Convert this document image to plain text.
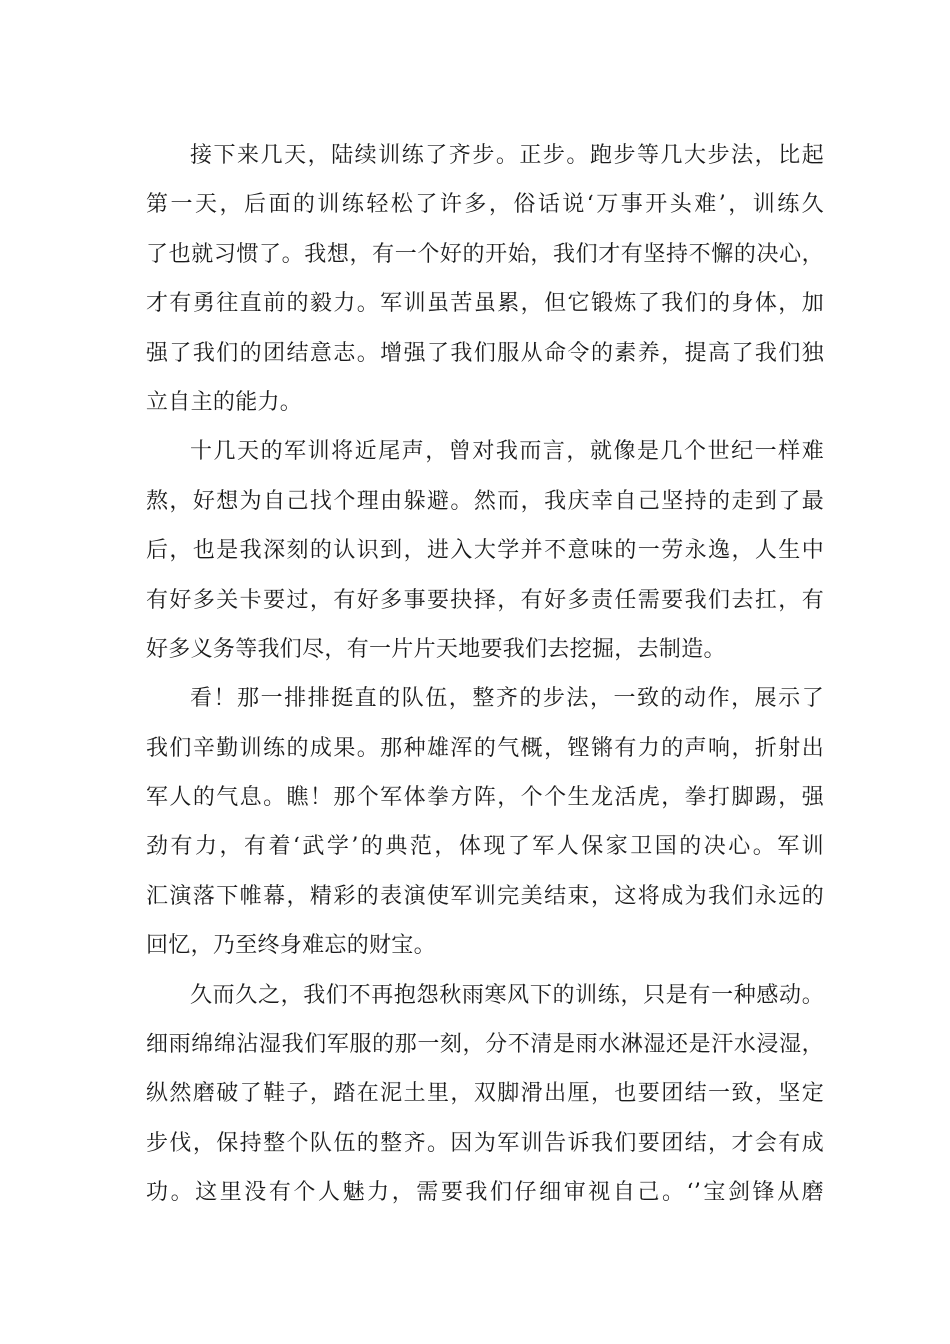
接下来几天，陆续训练了齐步。正步。跑步等几大步法，比起
第一天，后面的训练轻松了许多，俗话说‘万事开头难’，训练久
了也就习惯了。我想，有一个好的开始，我们才有坚持不懈的决心，
才有勇往直前的毅力。军训虽苦虽累，但它锻炼了我们的身体，加
强了我们的团结意志。增强了我们服从命令的素养，提高了我们独
立自主的能力。
十几天的军训将近尾声，曾对我而言，就像是几个世纪一样难
熬，好想为自己找个理由躲避。然而，我庆幸自己坚持的走到了最
后，也是我深刻的认识到，进入大学并不意味的一劳永逸，人生中
有好多关卡要过，有好多事要抉择，有好多责任需要我们去扛，有
好多义务等我们尽，有一片片天地要我们去挖掘，去制造。
看！那一排排挺直的队伍，整齐的步法，一致的动作，展示了
我们辛勤训练的成果。那种雄浑的气概，铿锵有力的声响，折射出
军人的气息。瞧！那个军体拳方阵，个个生龙活虎，拳打脚踢，强
劲有力，有着‘武学’的典范，体现了军人保家卫国的决心。军训
汇演落下帷幕，精彩的表演使军训完美结束，这将成为我们永远的
回忆，乃至终身难忘的财宝。
久而久之，我们不再抱怨秋雨寒风下的训练，只是有一种感动。
细雨绵绵沾湿我们军服的那一刻，分不清是雨水淋湿还是汗水浸湿，
纵然磨破了鞋子，踏在泥土里，双脚滑出厘，也要团结一致，坚定
步伐，保持整个队伍的整齐。因为军训告诉我们要团结，才会有成
功。这里没有个人魅力，需要我们仔细审视自己。‘’宝剑锋从磨
